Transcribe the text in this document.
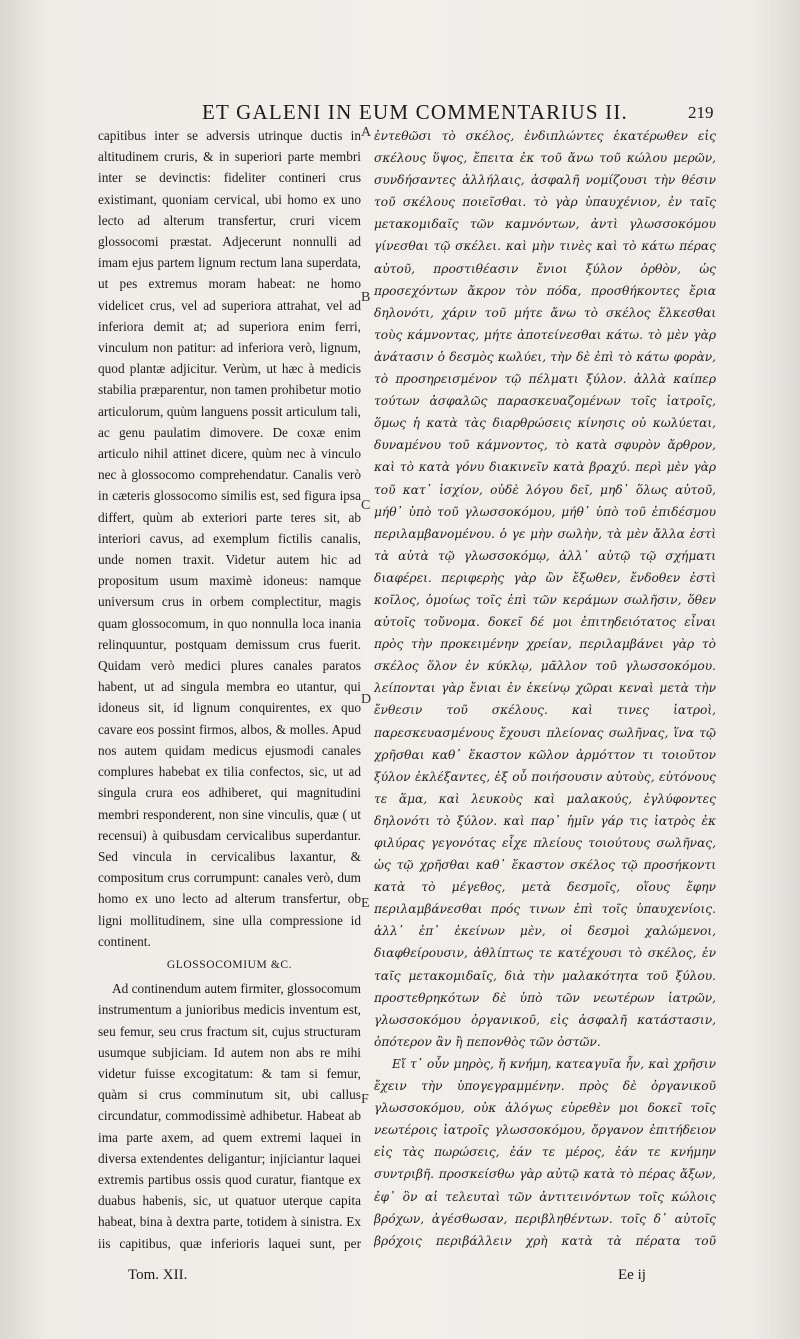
ET GALENI IN EUM COMMENTARIUS II.	219

capitibus inter se adversis utrinque ductis in altitudinem cruris, & in superiori parte membri inter se devinctis: fideliter contineri crus existimant, quoniam cervical, ubi homo ex uno lecto ad alterum transfertur, cruri vicem glossocomi præstat. Adjecerunt nonnulli ad imam ejus partem lignum rectum lana superdata, ut pes extremus moram habeat: ne homo videlicet crus, vel ad superiora attrahat, vel ad inferiora demit at; ad superiora enim ferri, vinculum non patitur: ad inferiora verò, lignum, quod plantæ adjicitur. Verùm, ut hæc à medicis stabilia præparentur, non tamen prohibetur motio articulorum, quùm languens possit articulum tali, ac genu paulatim dimovere. De coxæ enim articulo nihil attinet dicere, quùm nec à vinculo nec à glossocomo comprehendatur. Canalis verò in cæteris glossocomo similis est, sed figura ipsa differt, quùm ab exteriori parte teres sit, ab interiori cavus, ad exemplum fictilis canalis, unde nomen traxit. Videtur autem hic ad propositum usum maximè idoneus: namque universum crus in orbem complectitur, magis quam glossocomum, in quo nonnulla loca inania relinquuntur, postquam demissum crus fuerit. Quidam verò medici plures canales paratos habent, ut ad singula membra eo utantur, qui idoneus sit, id lignum conquirentes, ex quo cavare eos possint firmos, albos, & molles. Apud nos autem quidam medicus ejusmodi canales complures habebat ex tilia confectos, sic, ut ad singula crura eos adhiberet, qui magnitudini membri responderent, non sine vinculis, quæ ( ut recensui) à quibusdam cervicalibus superdantur. Sed vincula in cervicalibus laxantur, & compositum crus corrumpunt: canales verò, dum homo ex uno lecto ad alterum transfertur, ob ligni mollitudinem, sine ulla compressione id continent.

GLOSSOCOMIUM &C.

Ad continendum autem firmiter, glossocomum instrumentum a junioribus medicis inventum est, seu femur, seu crus fractum sit, cujus structuram usumque subjiciam. Id autem non abs re mihi videtur fuisse excogitatum: & tam si femur, quàm si crus comminutum sit, ubi callus circundatur, commodissimè adhibetur. Habeat ab ima parte axem, ad quem extremi laquei in diversa extendentes deligantur; injiciantur laquei extremis partibus ossis quod curatur, fiantque ex duabus habenis, sic, ut quatuor uterque capita habeat, bina à dextra parte, totidem à sinistra. Ex iis capitibus, quæ inferioris laquei sunt, per

A
B
C
D
E
F

ἐντεθῶσι τὸ σκέλος, ἐνδιπλώντες ἑκατέρωθεν εἰς σκέλους ὕψος, ἔπειτα ἐκ τοῦ ἄνω τοῦ κώλου μερῶν, συνδήσαντες ἀλλήλαις, ἀσφαλῆ νομίζουσι τὴν θέσιν τοῦ σκέλους ποιεῖσθαι. τὸ γὰρ ὑπαυχένιον, ἐν ταῖς μετακομιδαῖς τῶν καμνόντων, ἀντὶ γλωσσοκόμου γίνεσθαι τῷ σκέλει. καὶ μὴν τινὲς καὶ τὸ κάτω πέρας αὐτοῦ, προστιθέασιν ἔνιοι ξύλον ὀρθὸν, ὡς προσεχόντων ἄκρον τὸν πόδα, προσθήκοντες ἔρια δηλονότι, χάριν τοῦ μήτε ἄνω τὸ σκέλος ἕλκεσθαι τοὺς κάμνοντας, μήτε ἀποτείνεσθαι κάτω. τὸ μὲν γὰρ ἀνάτασιν ὁ δεσμὸς κωλύει, τὴν δὲ ἐπὶ τὸ κάτω φορὰν, τὸ προσηρεισμένον τῷ πέλματι ξύλον. ἀλλὰ καίπερ τούτων ἀσφαλῶς παρασκευαζομένων τοῖς ἰατροῖς, ὅμως ἡ κατὰ τὰς διαρθρώσεις κίνησις οὐ κωλύεται, δυναμένου τοῦ κάμνοντος, τὸ κατὰ σφυρὸν ἄρθρον, καὶ τὸ κατὰ γόνυ διακινεῖν κατὰ βραχύ. περὶ μὲν γὰρ τοῦ κατ᾽ ἰσχίον, οὐδὲ λόγου δεῖ, μηδ᾽ ὅλως αὐτοῦ, μήθ᾽ ὑπὸ τοῦ γλωσσοκόμου, μήθ᾽ ὑπὸ τοῦ ἐπιδέσμου περιλαμβανομένου. ὁ γε μὴν σωλὴν, τὰ μὲν ἄλλα ἐστὶ τὰ αὐτὰ τῷ γλωσσοκόμῳ, ἀλλ᾽ αὐτῷ τῷ σχήματι διαφέρει. περιφερὴς γὰρ ὢν ἔξωθεν, ἔνδοθεν ἐστὶ κοῖλος, ὁμοίως τοῖς ἐπὶ τῶν κεράμων σωλῆσιν, ὅθεν αὐτοῖς τοὔνομα. δοκεῖ δέ μοι ἐπιτηδειότατος εἶναι πρὸς τὴν προκειμένην χρείαν, περιλαμβάνει γὰρ τὸ σκέλος ὅλον ἐν κύκλῳ, μᾶλλον τοῦ γλωσσοκόμου. λείπονται γὰρ ἔνιαι ἐν ἐκείνῳ χῶραι κεναὶ μετὰ τὴν ἔνθεσιν τοῦ σκέλους. καὶ τινες ἰατροὶ, παρεσκευασμένους ἔχουσι πλείονας σωλῆνας, ἵνα τῷ χρῆσθαι καθ᾽ ἕκαστον κῶλον ἁρμόττον τι τοιοῦτον ξύλον ἐκλέξαντες, ἐξ οὗ ποιήσουσιν αὐτοὺς, εὐτόνους τε ἅμα, καὶ λευκοὺς καὶ μαλακούς, ἐγλύφοντες δηλονότι τὸ ξύλον. καὶ παρ᾽ ἡμῖν γάρ τις ἰατρὸς ἐκ φιλύρας γεγονότας εἶχε πλείους τοιούτους σωλῆνας, ὡς τῷ χρῆσθαι καθ᾽ ἕκαστον σκέλος τῷ προσήκοντι κατὰ τὸ μέγεθος, μετὰ δεσμοῖς, οἵους ἔφην περιλαμβάνεσθαι πρός τινων ἐπὶ τοῖς ὑπαυχενίοις. ἀλλ᾽ ἐπ᾽ ἐκείνων μὲν, οἱ δεσμοὶ χαλώμενοι, διαφθείρουσιν, ἀθλίπτως τε κατέχουσι τὸ σκέλος, ἐν ταῖς μετακομιδαῖς, διὰ τὴν μαλακότητα τοῦ ξύλου. προστεθρηκότων δὲ ὑπὸ τῶν νεωτέρων ἰατρῶν, γλωσσοκόμου ὀργανικοῦ, εἰς ἀσφαλῆ κατάστασιν, ὁπότερον ἂν ἢ πεπονθὸς τῶν ὀστῶν.

Εἴ τ᾽ οὖν μηρὸς, ἤ κνήμη, κατεαγυῖα ἦν, καὶ χρῆσιν ἔχειν τὴν ὑπογεγραμμένην. πρὸς δὲ ὀργανικοῦ γλωσσοκόμου, οὐκ ἀλόγως εὑρεθὲν μοι δοκεῖ τοῖς νεωτέροις ἰατροῖς γλωσσοκόμου, ὄργανον ἐπιτήδειον εἰς τὰς πωρώσεις, ἐάν τε μέρος, ἐάν τε κνήμην συντριβῆ. προσκείσθω γὰρ αὐτῷ κατὰ τὸ πέρας ἄξων, ἐφ᾽ ὃν αἱ τελευταὶ τῶν ἀντιτεινόντων τοῖς κώλοις βρόχων, ἀγέσθωσαν, περιβληθέντων. τοῖς δ᾽ αὐτοῖς βρόχοις περιβάλλειν χρὴ κατὰ τὰ πέρατα τοῦ

Tom. XII.	Ee ij
